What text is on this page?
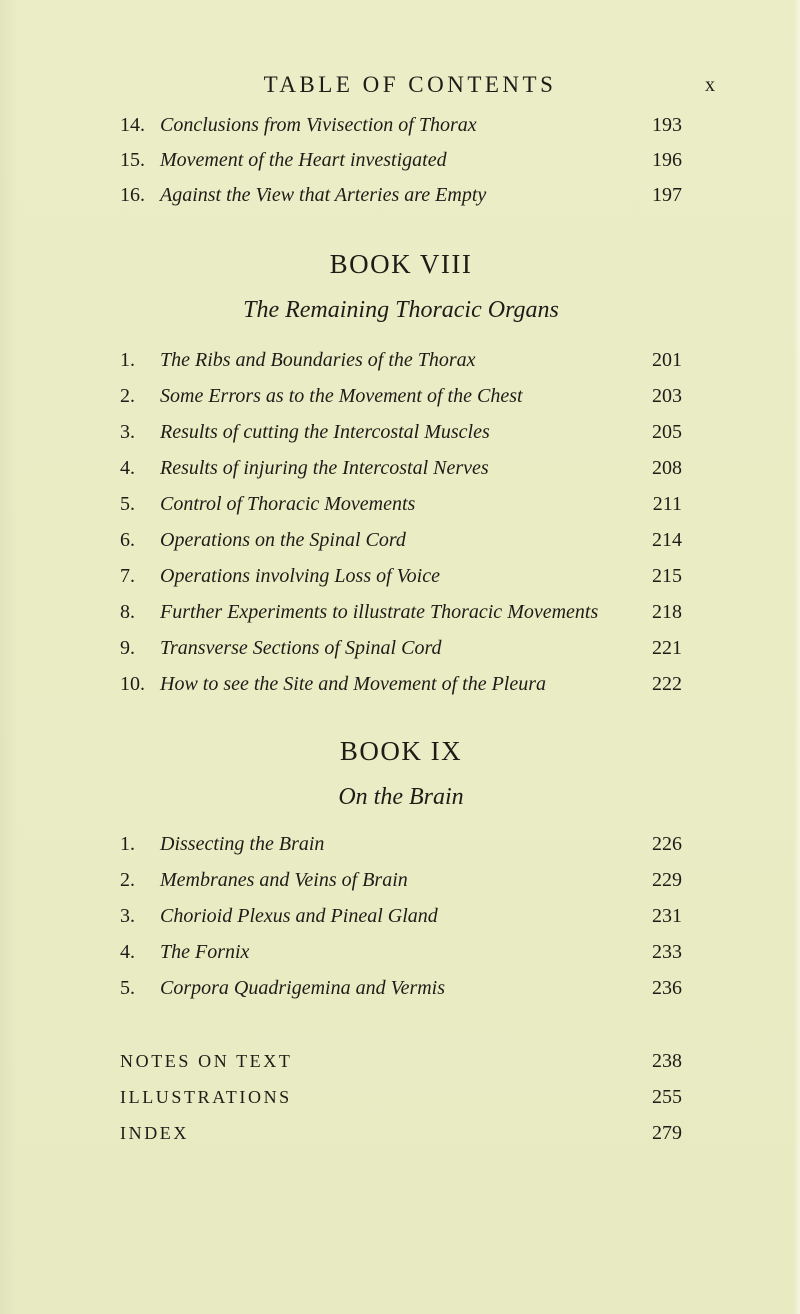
TABLE OF CONTENTS	x
14. Conclusions from Vivisection of Thorax	193
15. Movement of the Heart investigated	196
16. Against the View that Arteries are Empty	197
BOOK VIII
The Remaining Thoracic Organs
1. The Ribs and Boundaries of the Thorax	201
2. Some Errors as to the Movement of the Chest	203
3. Results of cutting the Intercostal Muscles	205
4. Results of injuring the Intercostal Nerves	208
5. Control of Thoracic Movements	211
6. Operations on the Spinal Cord	214
7. Operations involving Loss of Voice	215
8. Further Experiments to illustrate Thoracic Movements	218
9. Transverse Sections of Spinal Cord	221
10. How to see the Site and Movement of the Pleura	222
BOOK IX
On the Brain
1. Dissecting the Brain	226
2. Membranes and Veins of Brain	229
3. Chorioid Plexus and Pineal Gland	231
4. The Fornix	233
5. Corpora Quadrigemina and Vermis	236
NOTES ON TEXT	238
ILLUSTRATIONS	255
INDEX	279
